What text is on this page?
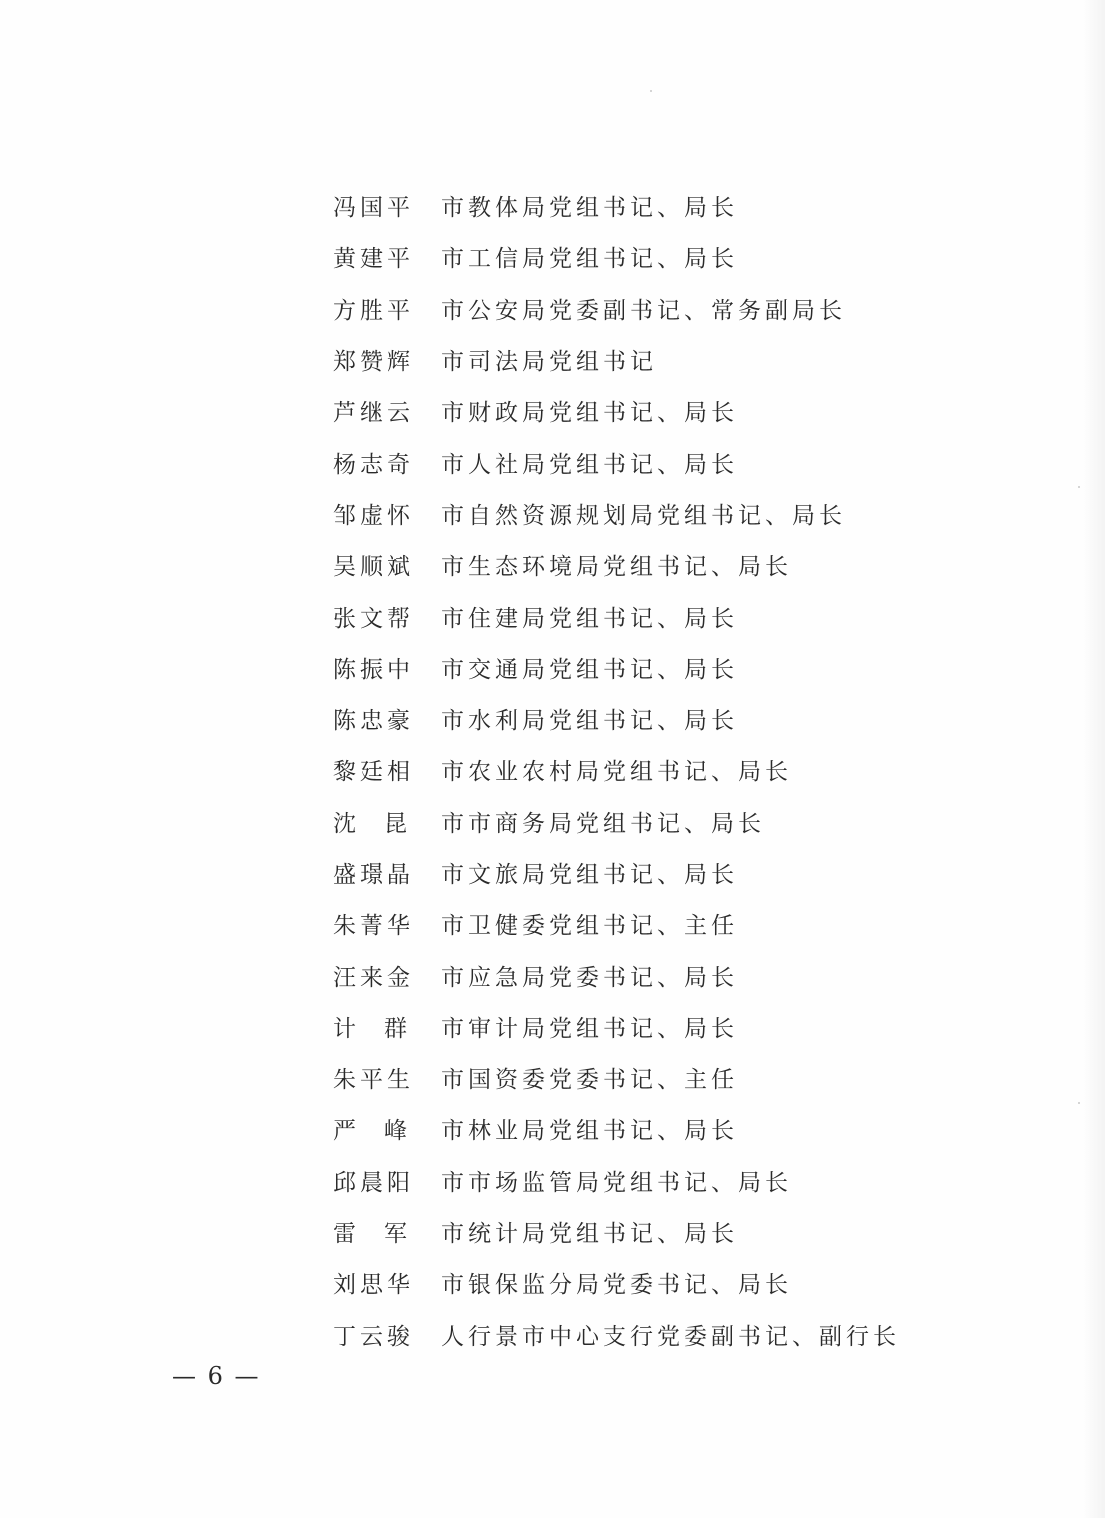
冯 国 平 市教体局党组书记、局长
黄 建 平 市工信局党组书记、局长
方 胜 平 市公安局党委副书记、常务副局长
郑 赞 辉 市司法局党组书记
芦 继 云 市财政局党组书记、局长
杨 志 奇 市人社局党组书记、局长
邹 虚 怀 市自然资源规划局党组书记、局长
吴 顺 斌 市生态环境局党组书记、局长
张 文 帮 市住建局党组书记、局长
陈 振 中 市交通局党组书记、局长
陈 忠 豪 市水利局党组书记、局长
黎 廷 相 市农业农村局党组书记、局长
沈 昆 市市商务局党组书记、局长
盛 璟 晶 市文旅局党组书记、局长
朱 菁 华 市卫健委党组书记、主任
汪 来 金 市应急局党委书记、局长
计 群 市审计局党组书记、局长
朱 平 生 市国资委党委书记、主任
严 峰 市林业局党组书记、局长
邱 晨 阳 市市场监管局党组书记、局长
雷 军 市统计局党组书记、局长
刘 思 华 市银保监分局党委书记、局长
丁 云 骏 人行景市中心支行党委副书记、副行长
— 6 —
